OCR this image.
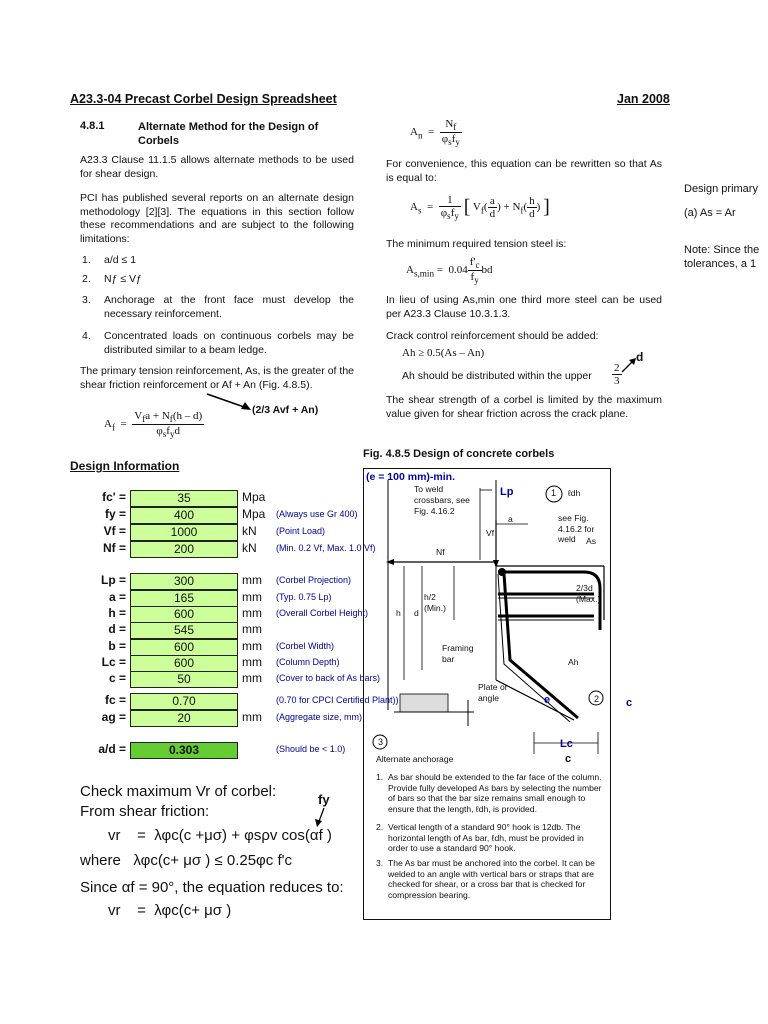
A23.3-04 Precast Corbel Design Spreadsheet	Jan 2008
4.8.1	Alternate Method for the Design of Corbels
A23.3 Clause 11.1.5 allows alternate methods to be used for shear design.
PCI has published several reports on an alternate design methodology [2][3]. The equations in this section follow these recommendations and are subject to the following limitations:
1. a/d ≤ 1
2. Nƒ ≤ Vƒ
3. Anchorage at the front face must develop the necessary reinforcement.
4. Concentrated loads on continuous corbels may be distributed similar to a beam ledge.
The primary tension reinforcement, As, is the greater of the shear friction reinforcement or Af + An (Fig. 4.8.5).
$A_f = \frac{V_fa + N_f(h - d)}{\varphi_sf_yd}$	(2/3 Avf + An)
$A_n = \frac{N_f}{\varphi_sf_y}$
For convenience, this equation can be rewritten so that As is equal to:
$A_s = \frac{1}{\varphi_sf_y}$ [ $V_f( \frac{a}{d}$ ) + $N_f( \frac{h}{d}$ ) ]
The minimum required tension steel is:
$A_{s,min} = 0.04 \frac{f'_c}{f_y}$ bd
In lieu of using As,min one third more steel can be used per A23.3 Clause 10.3.1.3.
Crack control reinforcement should be added:
Ah ≥ 0.5(As – An)
Ah should be distributed within the upper $\frac{2}{3}$
d
The shear strength of a corbel is limited by the maximum value given for shear friction across the crack plane.
Design primary
(a) As = Ar
Note: Since the
tolerances, a 1
Design Information
fc' =	35	Mpa
fy =	400	Mpa (Always use Gr 400)
Vf =	1000	kN (Point Load)
Nf =	200	kN (Min. 0.2 Vf, Max. 1.0 Vf)
Lp =	300	mm (Corbel Projection)
a =	165	mm (Typ. 0.75 Lp)
h =	600	mm (Overall Corbel Height)
d =	545	mm
b =	600	mm (Corbel Width)
Lc =	600	mm (Column Depth)
c =	50	mm (Cover to back of As bars)
fc =	0.70	(0.70 for CPCI Certified Plant))
ag =	20	mm (Aggregate size, mm)
a/d =	0.303	(Should be < 1.0)
Check maximum Vr of corbel:
From shear friction:
fy
vr    =  λφc(c +μσ) + φsρv cos(αf )
where   λφc(c+ μσ ) ≤ 0.25φc f'c
Since αf = 90°, the equation reduces to:
vr    =  λφc(c+ μσ )
Fig. 4.8.5 Design of concrete corbels
(e = 100 mm)-min.
To weld crossbars, see Fig. 4.16.2
Lp	1 ℓdh
a	see Fig. 4.16.2 for weld
Vf
As
Nf
2/3d (Max.)
h/2 (Min.)
h d
Framing bar	Ah
Plate or angle	e	2 c
3	Lc
c
Alternate anchorage
1. As bar should be extended to the far face of the column. Provide fully developed As bars by selecting the number of bars so that the bar size remains small enough to ensure that the length, ℓdh, is provided.
2. Vertical length of a standard 90° hook is 12db. The horizontal length of As bar, ℓdh, must be provided in order to use a standard 90° hook.
3. The As bar must be anchored into the corbel. It can be welded to an angle with vertical bars or straps that are checked for shear, or a cross bar that is checked for compression bearing.
